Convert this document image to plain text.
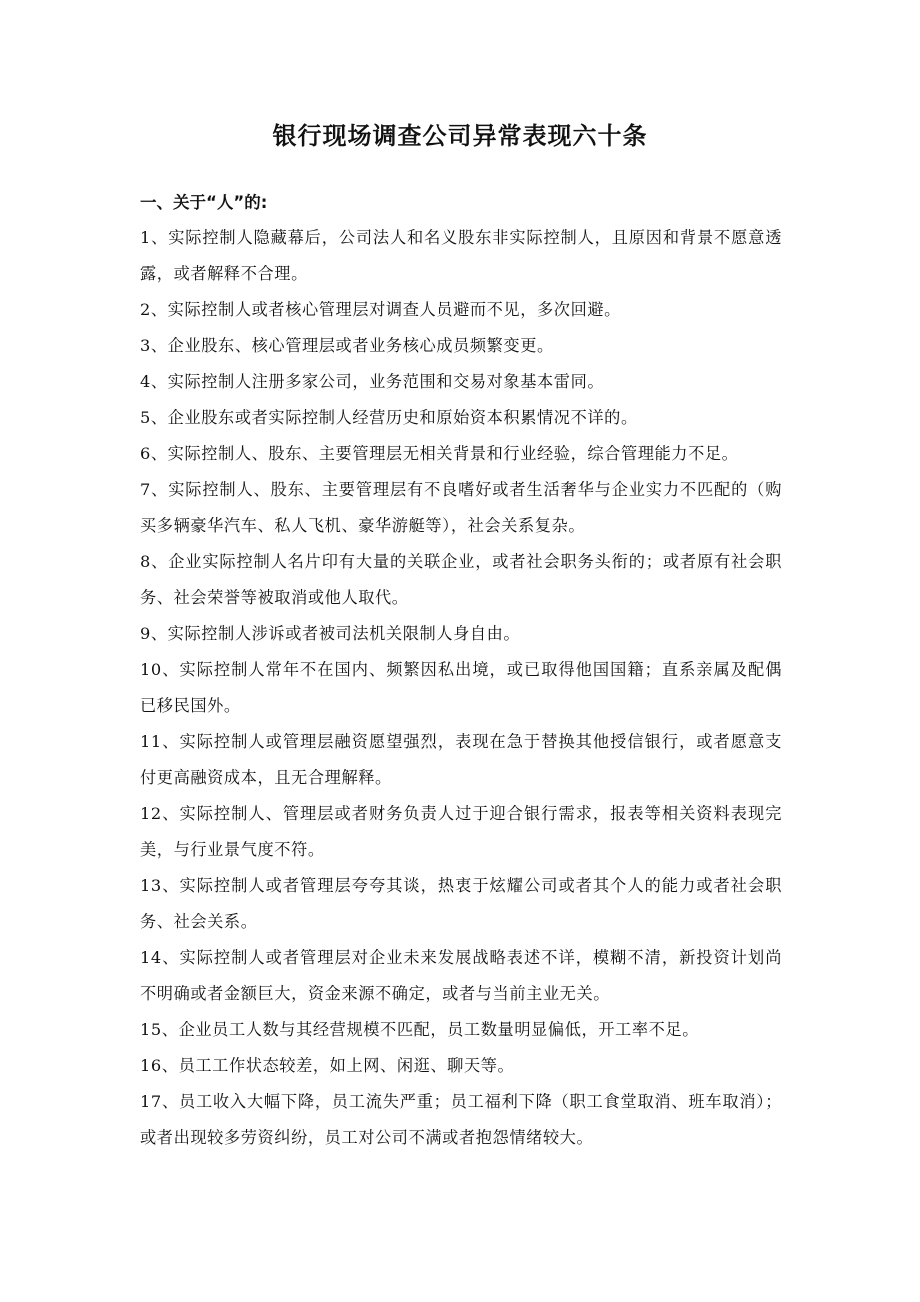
银行现场调查公司异常表现六十条
一、关于“人”的:

1、实际控制人隐藏幕后，公司法人和名义股东非实际控制人，且原因和背景不愿意透露，或者解释不合理。

2、实际控制人或者核心管理层对调查人员避而不见，多次回避。

3、企业股东、核心管理层或者业务核心成员频繁变更。

4、实际控制人注册多家公司，业务范围和交易对象基本雷同。

5、企业股东或者实际控制人经营历史和原始资本积累情况不详的。

6、实际控制人、股东、主要管理层无相关背景和行业经验，综合管理能力不足。

7、实际控制人、股东、主要管理层有不良嗜好或者生活奢华与企业实力不匹配的（购买多辆豪华汽车、私人飞机、豪华游艇等），社会关系复杂。

8、企业实际控制人名片印有大量的关联企业，或者社会职务头衔的；或者原有社会职务、社会荣誉等被取消或他人取代。

9、实际控制人涉诉或者被司法机关限制人身自由。

10、实际控制人常年不在国内、频繁因私出境，或已取得他国国籍；直系亲属及配偶已移民国外。

11、实际控制人或管理层融资愿望强烈，表现在急于替换其他授信银行，或者愿意支付更高融资成本，且无合理解释。

12、实际控制人、管理层或者财务负责人过于迎合银行需求，报表等相关资料表现完美，与行业景气度不符。

13、实际控制人或者管理层夸夸其谈，热衷于炫耀公司或者其个人的能力或者社会职务、社会关系。

14、实际控制人或者管理层对企业未来发展战略表述不详，模糊不清，新投资计划尚不明确或者金额巨大，资金来源不确定，或者与当前主业无关。

15、企业员工人数与其经营规模不匹配，员工数量明显偏低，开工率不足。

16、员工工作状态较差，如上网、闲逛、聊天等。

17、员工收入大幅下降，员工流失严重；员工福利下降（职工食堂取消、班车取消）；或者出现较多劳资纠纷，员工对公司不满或者抱怨情绪较大。
